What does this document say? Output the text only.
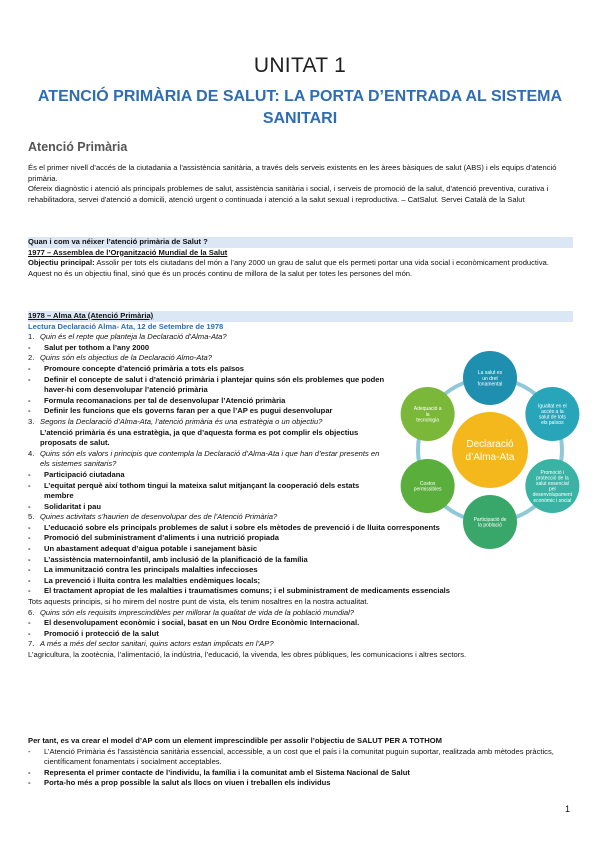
UNITAT 1
ATENCIÓ PRIMÀRIA DE SALUT: LA PORTA D’ENTRADA AL SISTEMA SANITARI
Atenció Primària
És el primer nivell d’accés de la ciutadania a l’assistència sanitària, a través dels serveis existents en les àrees bàsiques de salut (ABS) i els equips d’atenció primària.
Ofereix diagnòstic i atenció als principals problemes de salut, assistència sanitària i social, i serveis de promoció de la salut, d'atenció preventiva, curativa i rehabilitadora, servei d'atenció a domicili, atenció urgent o continuada i atenció a la salut sexual i reproductiva. – CatSalut. Servei Català de la Salut
Quan i com va néixer l’atenció primària de Salut ?
1977 – Assemblea de l’Organització Mundial de la Salut
Objectiu principal: Assolir per tots els ciutadans del món a l’any 2000 un grau de salut que els permeti portar una vida social i econòmicament productiva.
Aquest no és un objectiu final, sinó que és un procés continu de millora de la salut per totes les persones del món.
1978 – Alma Ata (Atenció Primària)
Lectura Declaració Alma- Ata, 12 de Setembre de 1978
1. Quin és el repte que planteja la Declaració d’Alma-Ata?
- Salut per tothom a l’any 2000
2. Quins són els objectius de la Declaració Almo-Ata?
- Promoure concepte d’atenció primària a tots els països
- Definir el concepte de salut i d’atenció primària i plantejar quins són els problemes que poden haver-hi com desenvolupar l’atenció primària
- Formula recomanacions per tal de desenvolupar l’Atenció primària
- Definir les funcions que els governs faran per a que l’AP es pugui desenvolupar
3. Segons la Declaració d’Alma-Ata, l’atenció primària és una estratègia o un objectiu?
L’atenció primària és una estratègia, ja que d’aquesta forma es pot complir els objectius proposats de salut.
4. Quins són els valors i principis que contempla la Declaració d’Alma-Ata i que han d’estar presents en els sistemes sanitaris?
- Participació ciutadana
- L’equitat perquè així tothom tingui la mateixa salut mitjançant la cooperació dels estats membre
- Solidaritat i pau
5. Quines activitats s’haurien de desenvolupar des de l’Atenció Primària?
- L’educació sobre els principals problemes de salut i sobre els mètodes de prevenció i de lluita corresponents
- Promoció del subministrament d’aliments i una nutrició propiada
- Un abastament adequat d’aigua potable i sanejament bàsic
- L’assistència maternoinfantil, amb inclusió de la planificació de la família
- La immunització contra les principals malalties infeccioses
- La prevenció i lluita contra les malalties endèmiques locals;
- El tractament apropiat de les malalties i traumatismes comuns; i el subministrament de medicaments essencials
Tots aquests principis, si ho mirem del nostre punt de vista, els tenim nosaltres en la nostra actualitat.
6. Quins són els requisits imprescindibles per millorar la qualitat de vida de la població mundial?
- El desenvolupament econòmic i social, basat en un Nou Ordre Econòmic Internacional.
- Promoció i protecció de la salut
7. A més a més del sector sanitari, quins actors estan implicats en l’AP?
L’agricultura, la zootècnia, l’alimentació, la indústria, l’educació, la vivenda, les obres públiques, les comunicacions i altres sectors.
Per tant, es va crear el model d’AP com un element imprescindible per assolir l’objectiu de SALUT PER A TOTHOM
- L’Atenció Primària és l’assistència sanitària essencial, accessible, a un cost que el país i la comunitat puguin suportar, realitzada amb mètodes pràctics, científicament fonamentats i socialment acceptables.
- Representa el primer contacte de l’individu, la família i la comunitat amb el Sistema Nacional de Salut
- Porta-ho més a prop possible la salut als llocs on viuen i treballen els individus
Declaració
d’Alma-Ata
La salut es
un dret
fonamental
Igualtat en el
accés a la
salut de tots
els països
Promoció i
protecció de la
salut essencial
pel
desenvolupament
econòmic i social
Participació de
la població
Costos
permissibles
Adequació a
la
tecnologia
1
